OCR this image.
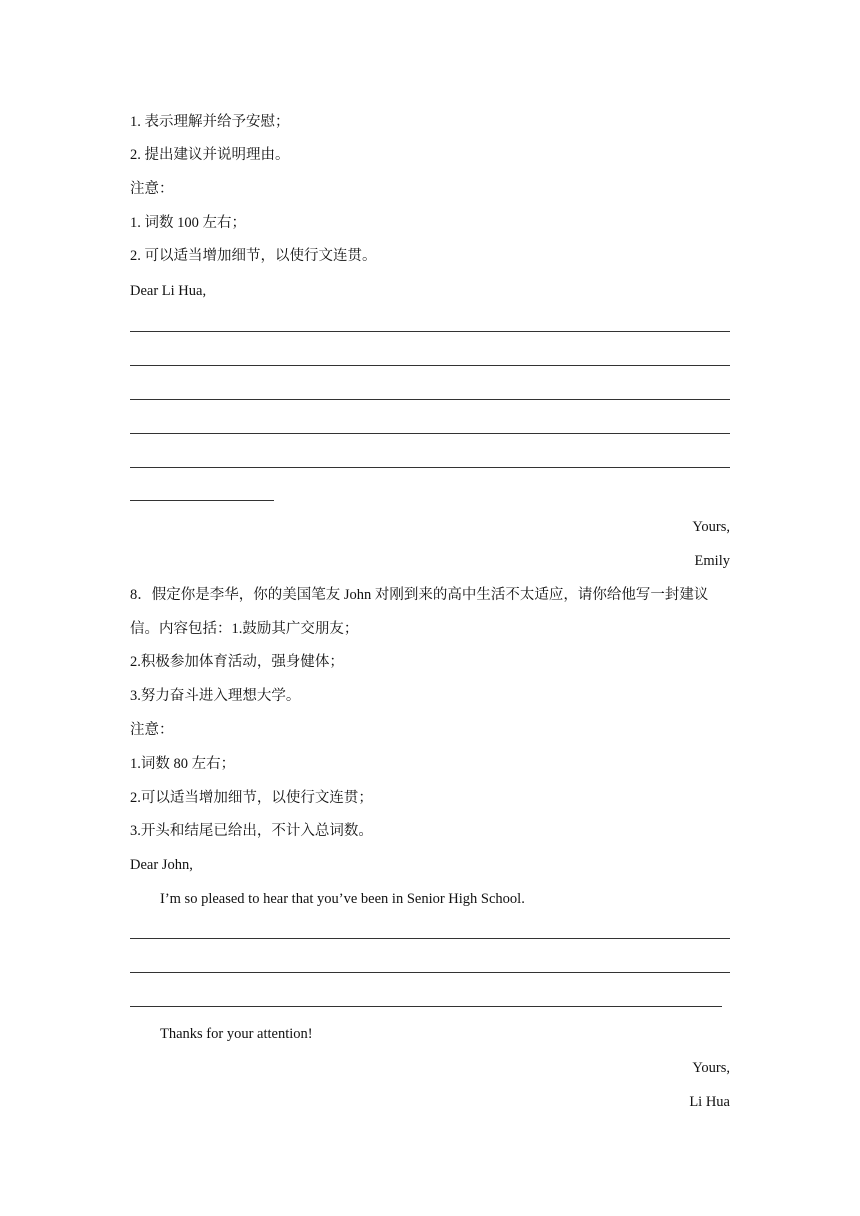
1. 表示理解并给予安慰；
2. 提出建议并说明理由。
注意：
1. 词数 100 左右；
2. 可以适当增加细节，以使行文连贯。
Dear Li Hua,
Yours,
Emily
8．假定你是李华，你的美国笔友 John 对刚到来的高中生活不太适应，请你给他写一封建议
信。内容包括：1.鼓励其广交朋友；
2.积极参加体育活动，强身健体；
3.努力奋斗进入理想大学。
注意：
1.词数 80 左右；
2.可以适当增加细节，以使行文连贯；
3.开头和结尾已给出，不计入总词数。
Dear John,
I’m so pleased to hear that you’ve been in Senior High School.
Thanks for your attention!
Yours,
Li Hua
